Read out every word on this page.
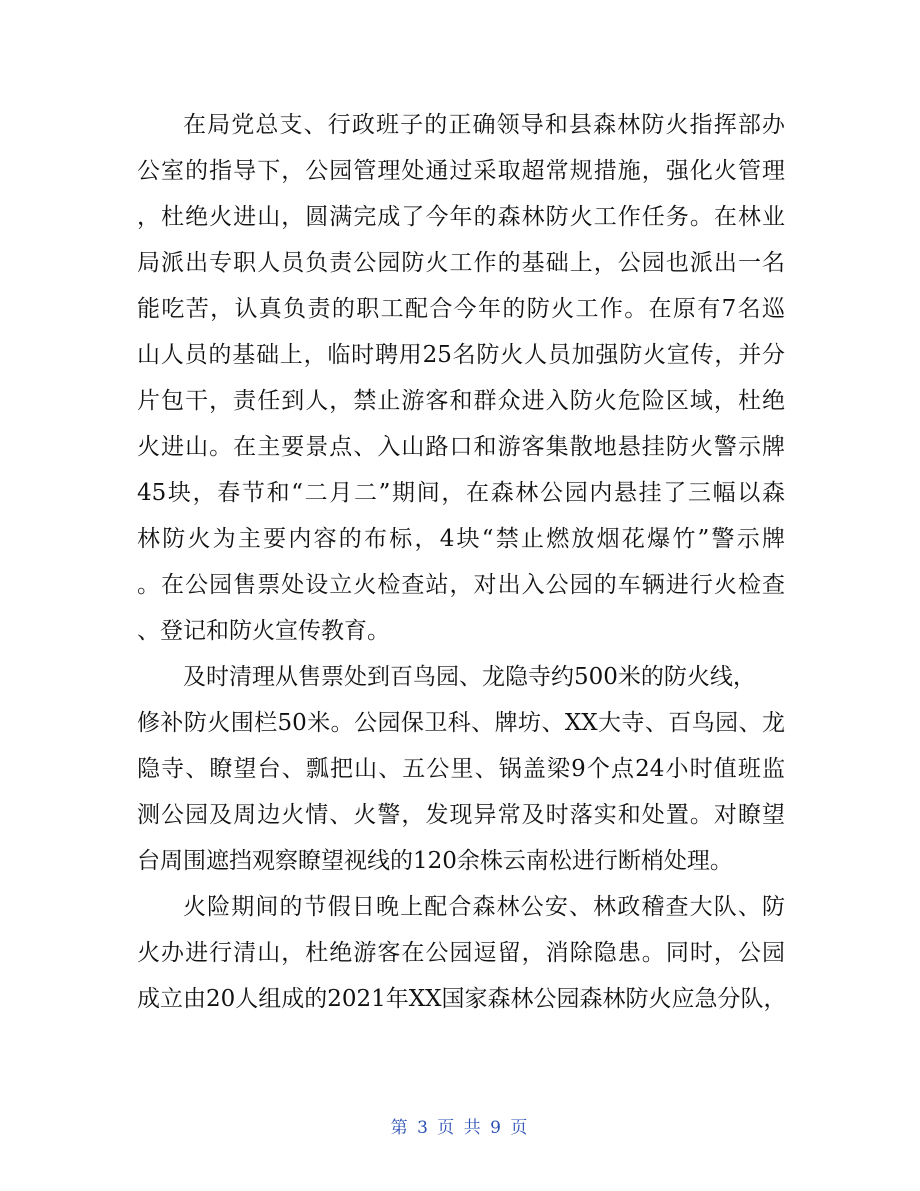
在局党总支、行政班子的正确领导和县森林防火指挥部办
公室的指导下，公园管理处通过采取超常规措施，强化火管理
，杜绝火进山，圆满完成了今年的森林防火工作任务。在林业
局派出专职人员负责公园防火工作的基础上，公园也派出一名
能吃苦，认真负责的职工配合今年的防火工作。在原有7名巡
山人员的基础上，临时聘用25名防火人员加强防火宣传，并分
片包干，责任到人，禁止游客和群众进入防火危险区域，杜绝
火进山。在主要景点、入山路口和游客集散地悬挂防火警示牌
45块，春节和“二月二”期间，在森林公园内悬挂了三幅以森
林防火为主要内容的布标，4块“禁止燃放烟花爆竹”警示牌
。在公园售票处设立火检查站，对出入公园的车辆进行火检查
、登记和防火宣传教育。
及时清理从售票处到百鸟园、龙隐寺约500米的防火线，
修补防火围栏50米。公园保卫科、牌坊、XX大寺、百鸟园、龙
隐寺、瞭望台、瓢把山、五公里、锅盖梁9个点24小时值班监
测公园及周边火情、火警，发现异常及时落实和处置。对瞭望
台周围遮挡观察瞭望视线的120余株云南松进行断梢处理。
火险期间的节假日晚上配合森林公安、林政稽查大队、防
火办进行清山，杜绝游客在公园逗留，消除隐患。同时，公园
成立由20人组成的2021年XX国家森林公园森林防火应急分队，
第 3 页 共 9 页
